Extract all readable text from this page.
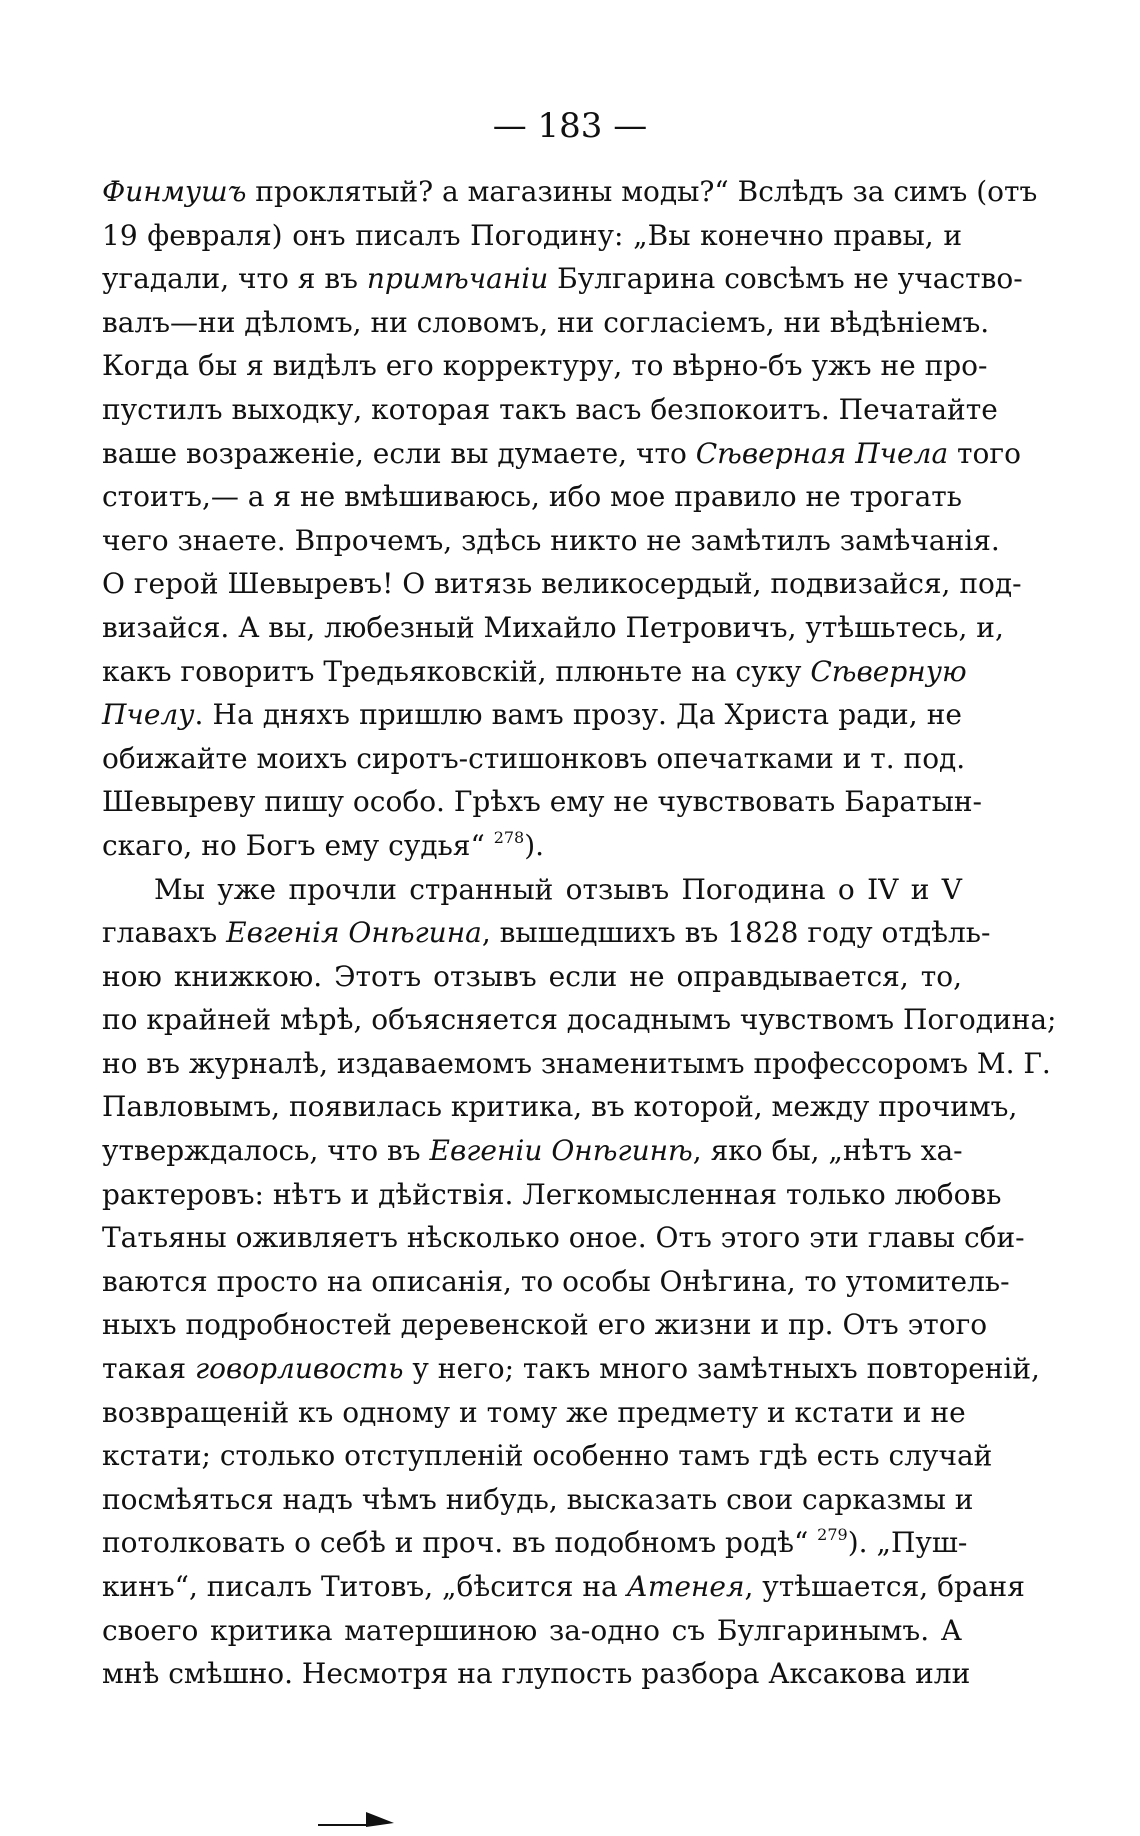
— 183 —
Финмушъ проклятый? а магазины моды?“ Вслѣдъ за симъ (отъ
19 февраля) онъ писалъ Погодину: „Вы конечно правы, и
угадали, что я въ примѣчаніи Булгарина совсѣмъ не участво-
валъ—ни дѣломъ, ни словомъ, ни согласіемъ, ни вѣдѣніемъ.
Когда бы я видѣлъ его корректуру, то вѣрно-бъ ужъ не про-
пустилъ выходку, которая такъ васъ безпокоитъ. Печатайте
ваше возраженіе, если вы думаете, что Сѣверная Пчела того
стоитъ,— а я не вмѣшиваюсь, ибо мое правило не трогать
чего знаете. Впрочемъ, здѣсь никто не замѣтилъ замѣчанія.
О герой Шевыревъ! О витязь великосердый, подвизайся, под-
визайся. А вы, любезный Михайло Петровичъ, утѣшьтесь, и,
какъ говоритъ Тредьяковскій, плюньте на суку Сѣверную
Пчелу. На дняхъ пришлю вамъ прозу. Да Христа ради, не
обижайте моихъ сиротъ-стишонковъ опечатками и т. под.
Шевыреву пишу особо. Грѣхъ ему не чувствовать Баратын-
скаго, но Богъ ему судья“ $^{278}$).
Мы уже прочли странный отзывъ Погодина о IV и V
главахъ Евгенія Онѣгина, вышедшихъ въ 1828 году отдѣль-
ною книжкою. Этотъ отзывъ если не оправдывается, то,
по крайней мѣрѣ, объясняется досаднымъ чувствомъ Погодина;
но въ журналѣ, издаваемомъ знаменитымъ профессоромъ М. Г.
Павловымъ, появилась критика, въ которой, между прочимъ,
утверждалось, что въ Евгеніи Онѣгинѣ, яко бы, „нѣтъ ха-
рактеровъ: нѣтъ и дѣйствія. Легкомысленная только любовь
Татьяны оживляетъ нѣсколько оное. Отъ этого эти главы сби-
ваются просто на описанія, то особы Онѣгина, то утомитель-
ныхъ подробностей деревенской его жизни и пр. Отъ этого
такая говорливость у него; такъ много замѣтныхъ повтореній,
возвращеній къ одному и тому же предмету и кстати и не
кстати; столько отступленій особенно тамъ гдѣ есть случай
посмѣяться надъ чѣмъ нибудь, высказать свои сарказмы и
потолковать о себѣ и проч. въ подобномъ родѣ“ $^{279}$). „Пуш-
кинъ“, писалъ Титовъ, „бѣсится на Атенея, утѣшается, браня
своего критика матершиною за-одно съ Булгаринымъ. А
мнѣ смѣшно. Несмотря на глупость разбора Аксакова или
